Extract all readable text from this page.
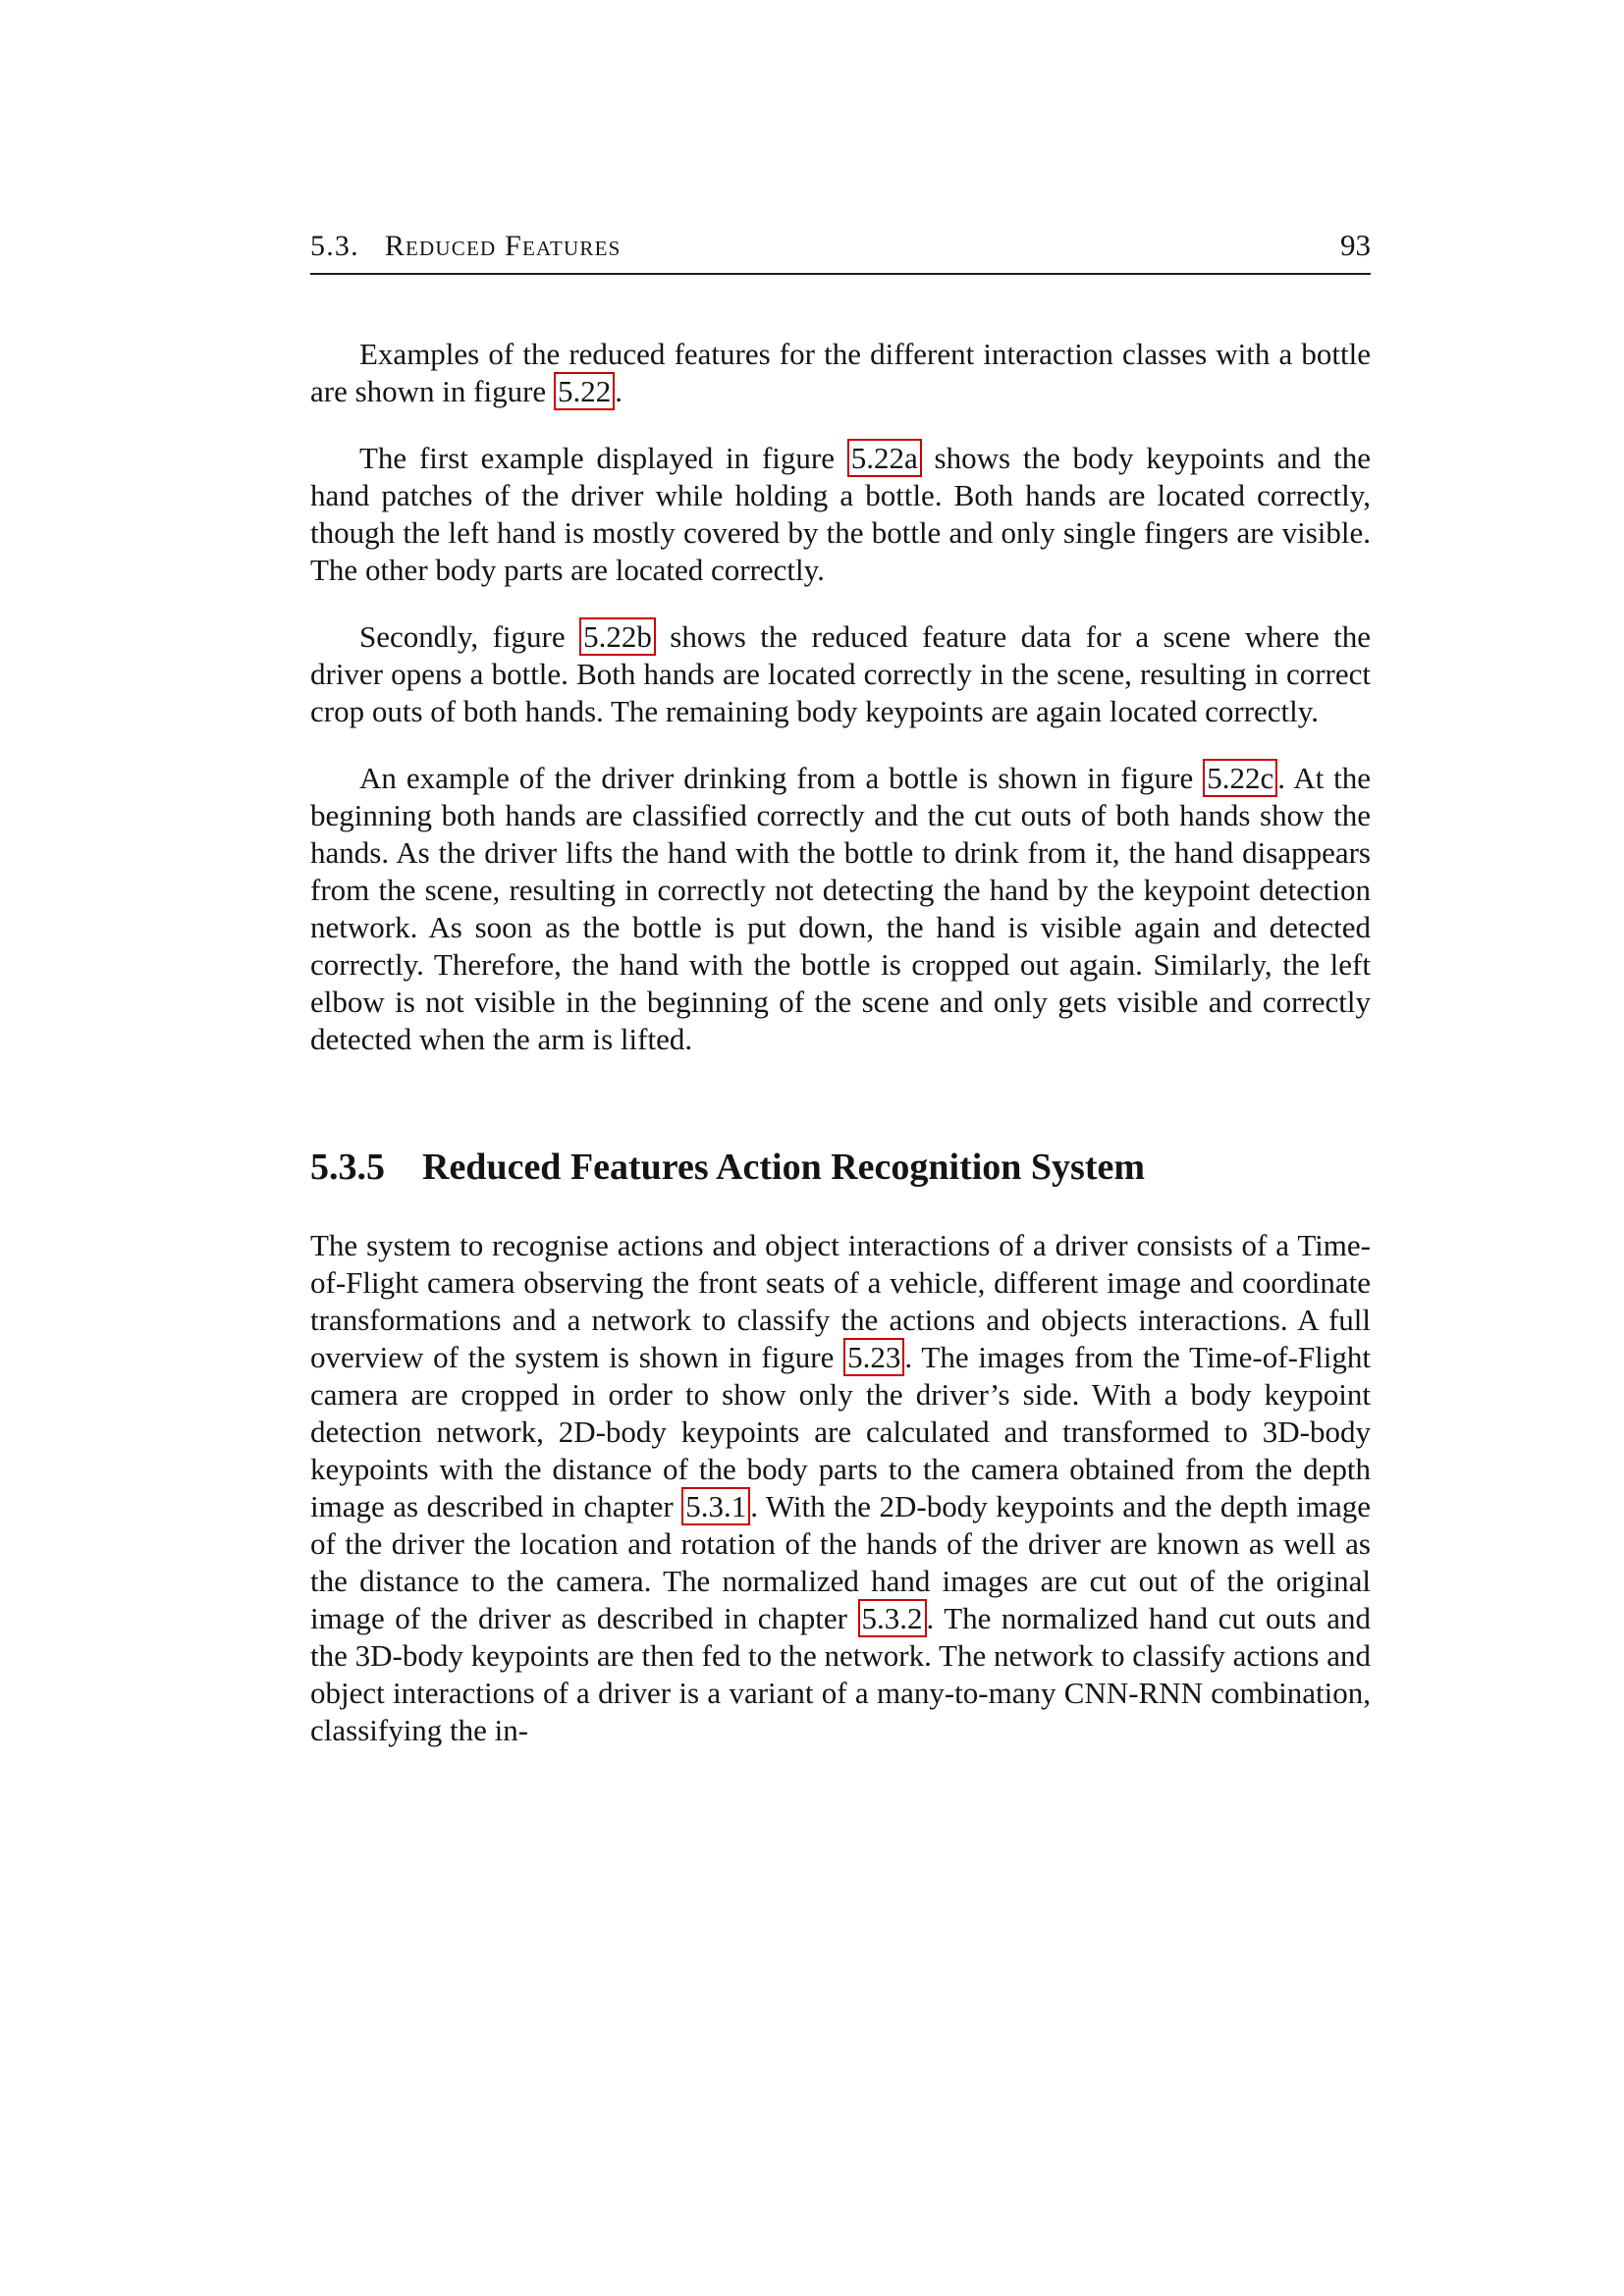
5.3. Reduced Features	93

Examples of the reduced features for the different interaction classes with a bottle are shown in figure 5.22 .

The first example displayed in figure 5.22a shows the body keypoints and the hand patches of the driver while holding a bottle. Both hands are located correctly, though the left hand is mostly covered by the bottle and only single fingers are visible. The other body parts are located correctly.

Secondly, figure 5.22b shows the reduced feature data for a scene where the driver opens a bottle. Both hands are located correctly in the scene, resulting in correct crop outs of both hands. The remaining body keypoints are again located correctly.

An example of the driver drinking from a bottle is shown in figure 5.22c . At the beginning both hands are classified correctly and the cut outs of both hands show the hands. As the driver lifts the hand with the bottle to drink from it, the hand disappears from the scene, resulting in correctly not detecting the hand by the keypoint detection network. As soon as the bottle is put down, the hand is visible again and detected correctly. Therefore, the hand with the bottle is cropped out again. Similarly, the left elbow is not visible in the beginning of the scene and only gets visible and correctly detected when the arm is lifted.

5.3.5 Reduced Features Action Recognition System

The system to recognise actions and object interactions of a driver consists of a Time-of-Flight camera observing the front seats of a vehicle, different image and coordinate transformations and a network to classify the actions and objects interactions. A full overview of the system is shown in figure 5.23 . The images from the Time-of-Flight camera are cropped in order to show only the driver’s side. With a body keypoint detection network, 2D-body keypoints are calculated and transformed to 3D-body keypoints with the distance of the body parts to the camera obtained from the depth image as described in chapter 5.3.1 . With the 2D-body keypoints and the depth image of the driver the location and rotation of the hands of the driver are known as well as the distance to the camera. The normalized hand images are cut out of the original image of the driver as described in chapter 5.3.2 . The normalized hand cut outs and the 3D-body keypoints are then fed to the network. The network to classify actions and object interactions of a driver is a variant of a many-to-many CNN-RNN combination, classifying the in-
